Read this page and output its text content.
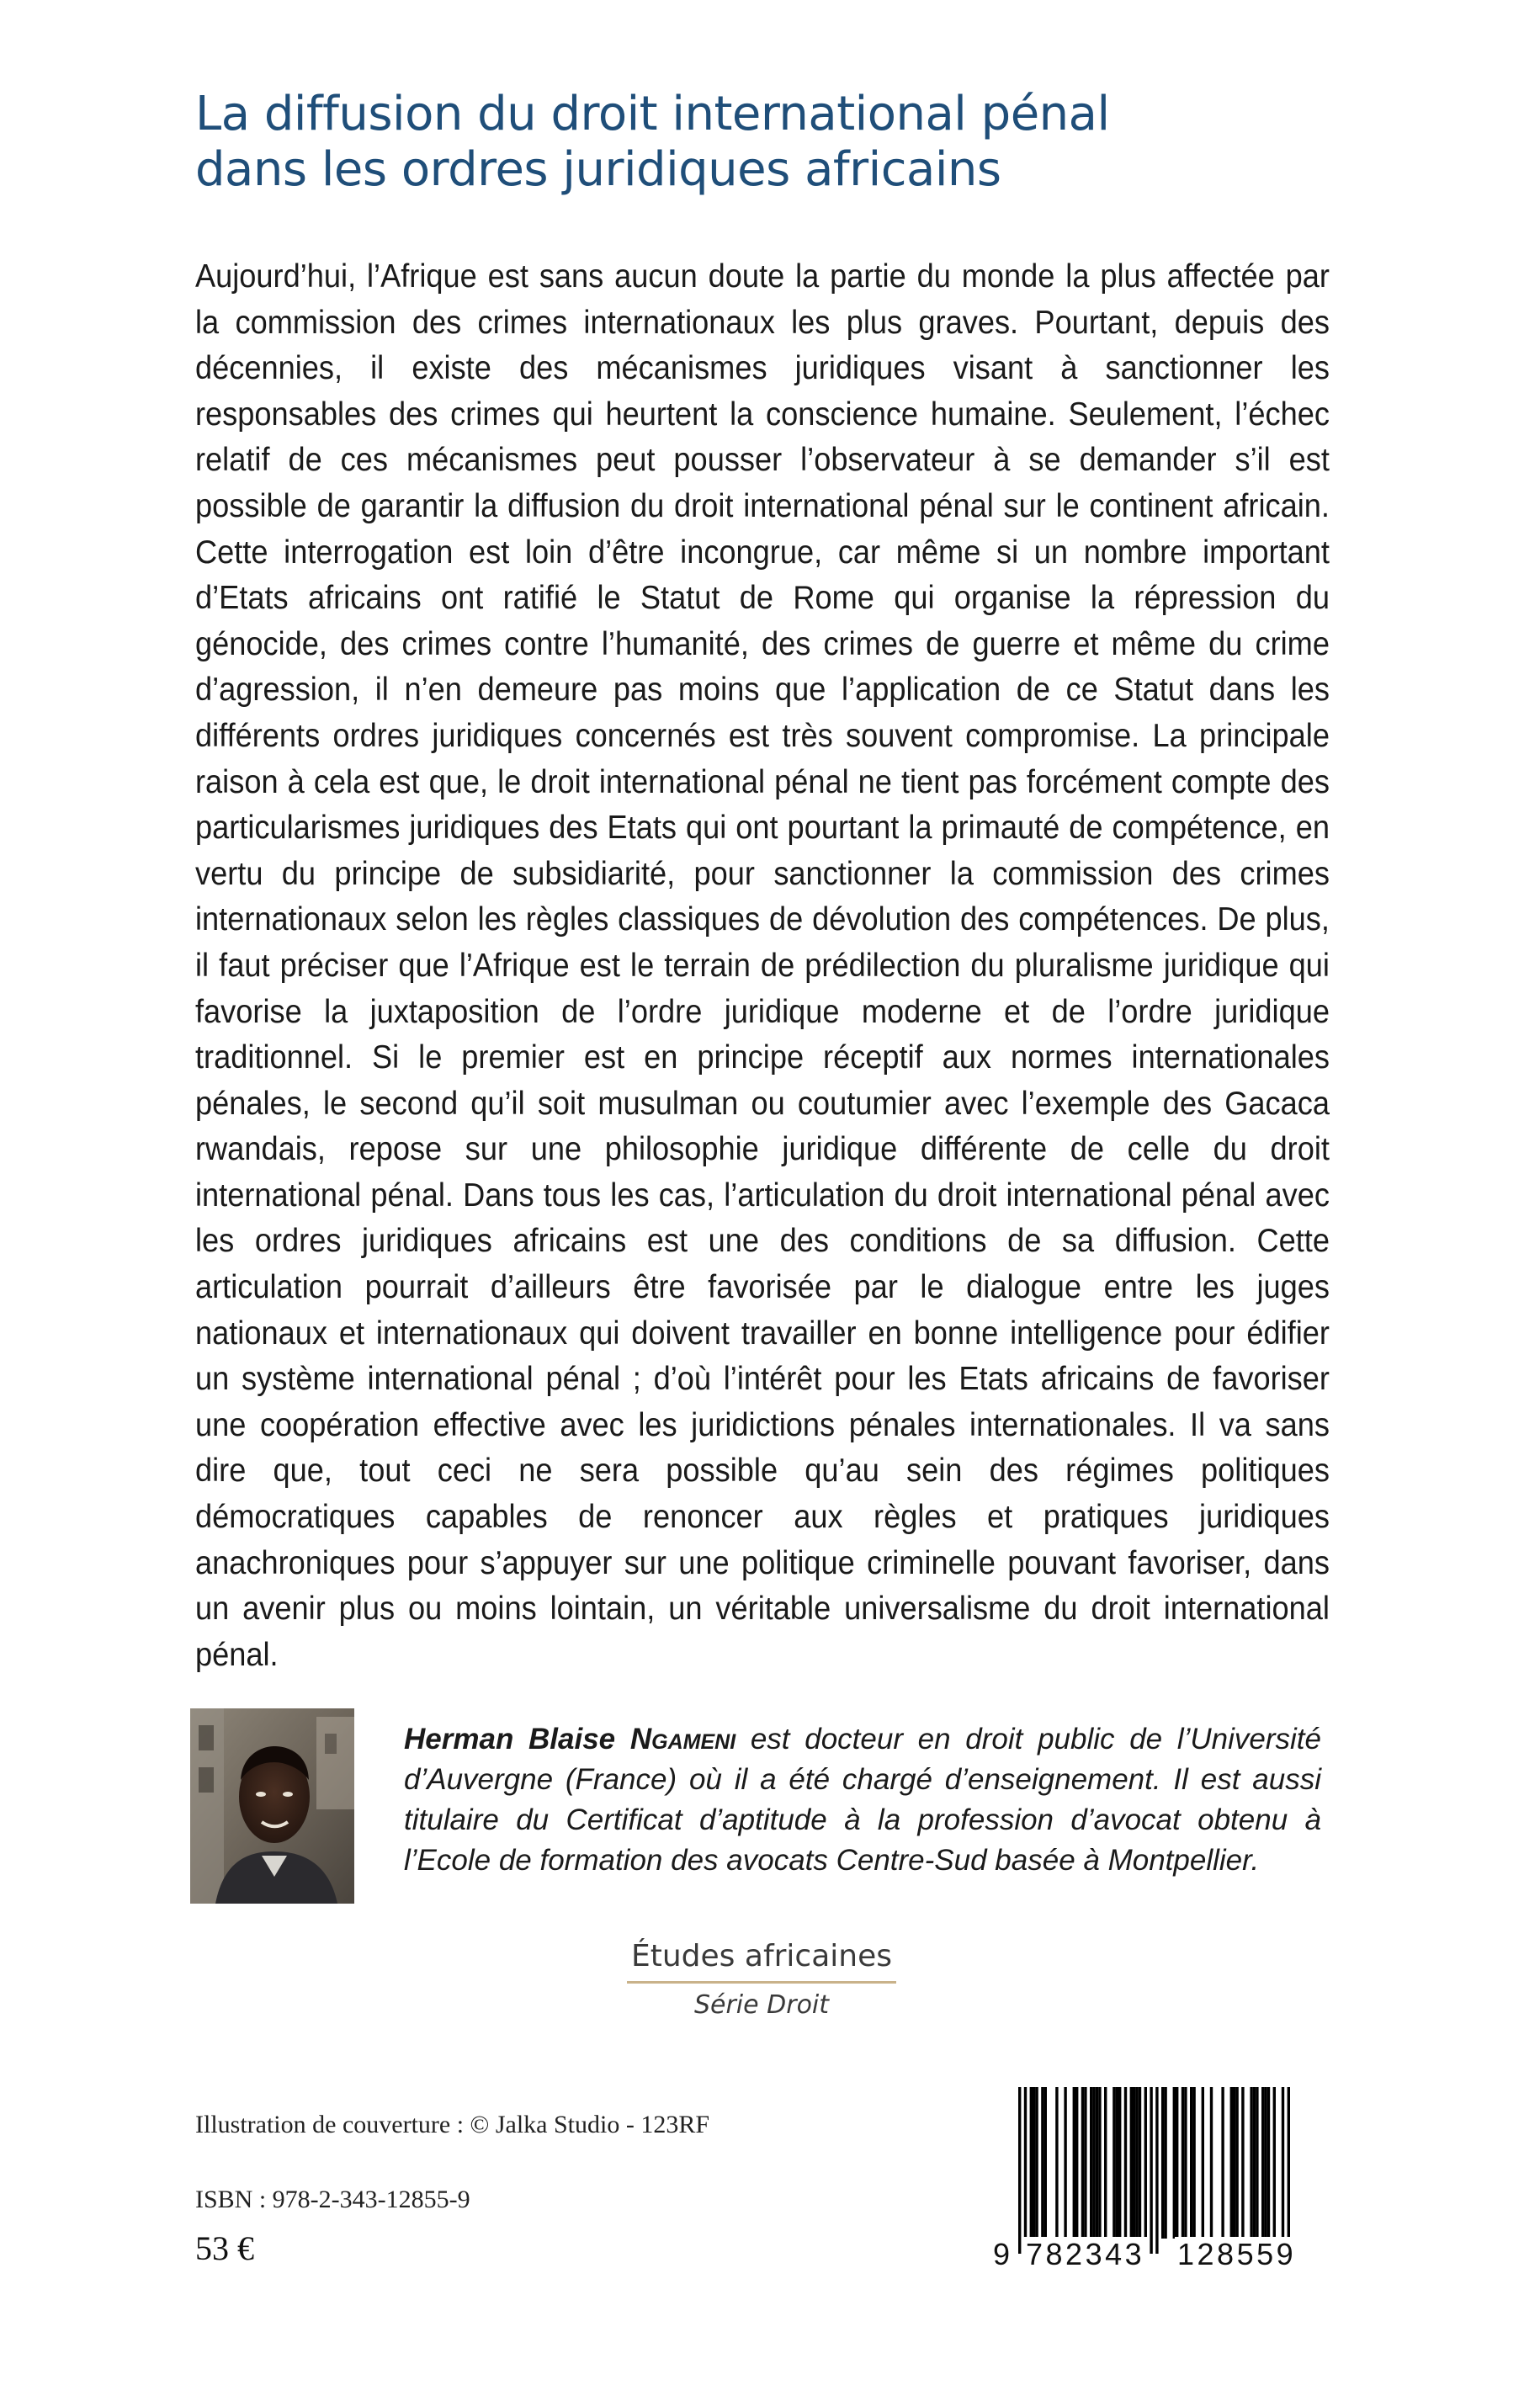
La diffusion du droit international pénal
dans les ordres juridiques africains

Aujourd’hui, l’Afrique est sans aucun doute la partie du monde la plus affectée par la commission des crimes internationaux les plus graves. Pourtant, depuis des décennies, il existe des mécanismes juridiques visant à sanctionner les responsables des crimes qui heurtent la conscience humaine. Seulement, l’échec relatif de ces mécanismes peut pousser l’observateur à se demander s’il est possible de garantir la diffusion du droit international pénal sur le continent africain. Cette interrogation est loin d’être incongrue, car même si un nombre important d’Etats africains ont ratifié le Statut de Rome qui organise la répression du génocide, des crimes contre l’humanité, des crimes de guerre et même du crime d’agression, il n’en demeure pas moins que l’application de ce Statut dans les différents ordres juridiques concernés est très souvent compromise. La principale raison à cela est que, le droit international pénal ne tient pas forcément compte des particularismes juridiques des Etats qui ont pourtant la primauté de compétence, en vertu du principe de subsidiarité, pour sanctionner la commission des crimes internationaux selon les règles classiques de dévolution des compétences. De plus, il faut préciser que l’Afrique est le terrain de prédilection du pluralisme juridique qui favorise la juxtaposition de l’ordre juridique moderne et de l’ordre juridique traditionnel. Si le premier est en principe réceptif aux normes internationales pénales, le second qu’il soit musulman ou coutumier avec l’exemple des Gacaca rwandais, repose sur une philosophie juridique différente de celle du droit international pénal. Dans tous les cas, l’articulation du droit international pénal avec les ordres juridiques africains est une des conditions de sa diffusion. Cette articulation pourrait d’ailleurs être favorisée par le dialogue entre les juges nationaux et internationaux qui doivent travailler en bonne intelligence pour édifier un système international pénal ; d’où l’intérêt pour les Etats africains de favoriser une coopération effective avec les juridictions pénales internationales. Il va sans dire que, tout ceci ne sera possible qu’au sein des régimes politiques démocratiques capables de renoncer aux règles et pratiques juridiques anachroniques pour s’appuyer sur une politique criminelle pouvant favoriser, dans un avenir plus ou moins lointain, un véritable universalisme du droit international pénal.

Herman Blaise Ngameni est docteur en droit public de l’Université d’Auvergne (France) où il a été chargé d’enseignement. Il est aussi titulaire du Certificat d’aptitude à la profession d’avocat obtenu à l’Ecole de formation des avocats Centre-Sud basée à Montpellier.

Études africaines
Série Droit
Illustration de couverture : © Jalka Studio - 123RF
ISBN : 978-2-343-12855-9
53 €	9 782343 128559
